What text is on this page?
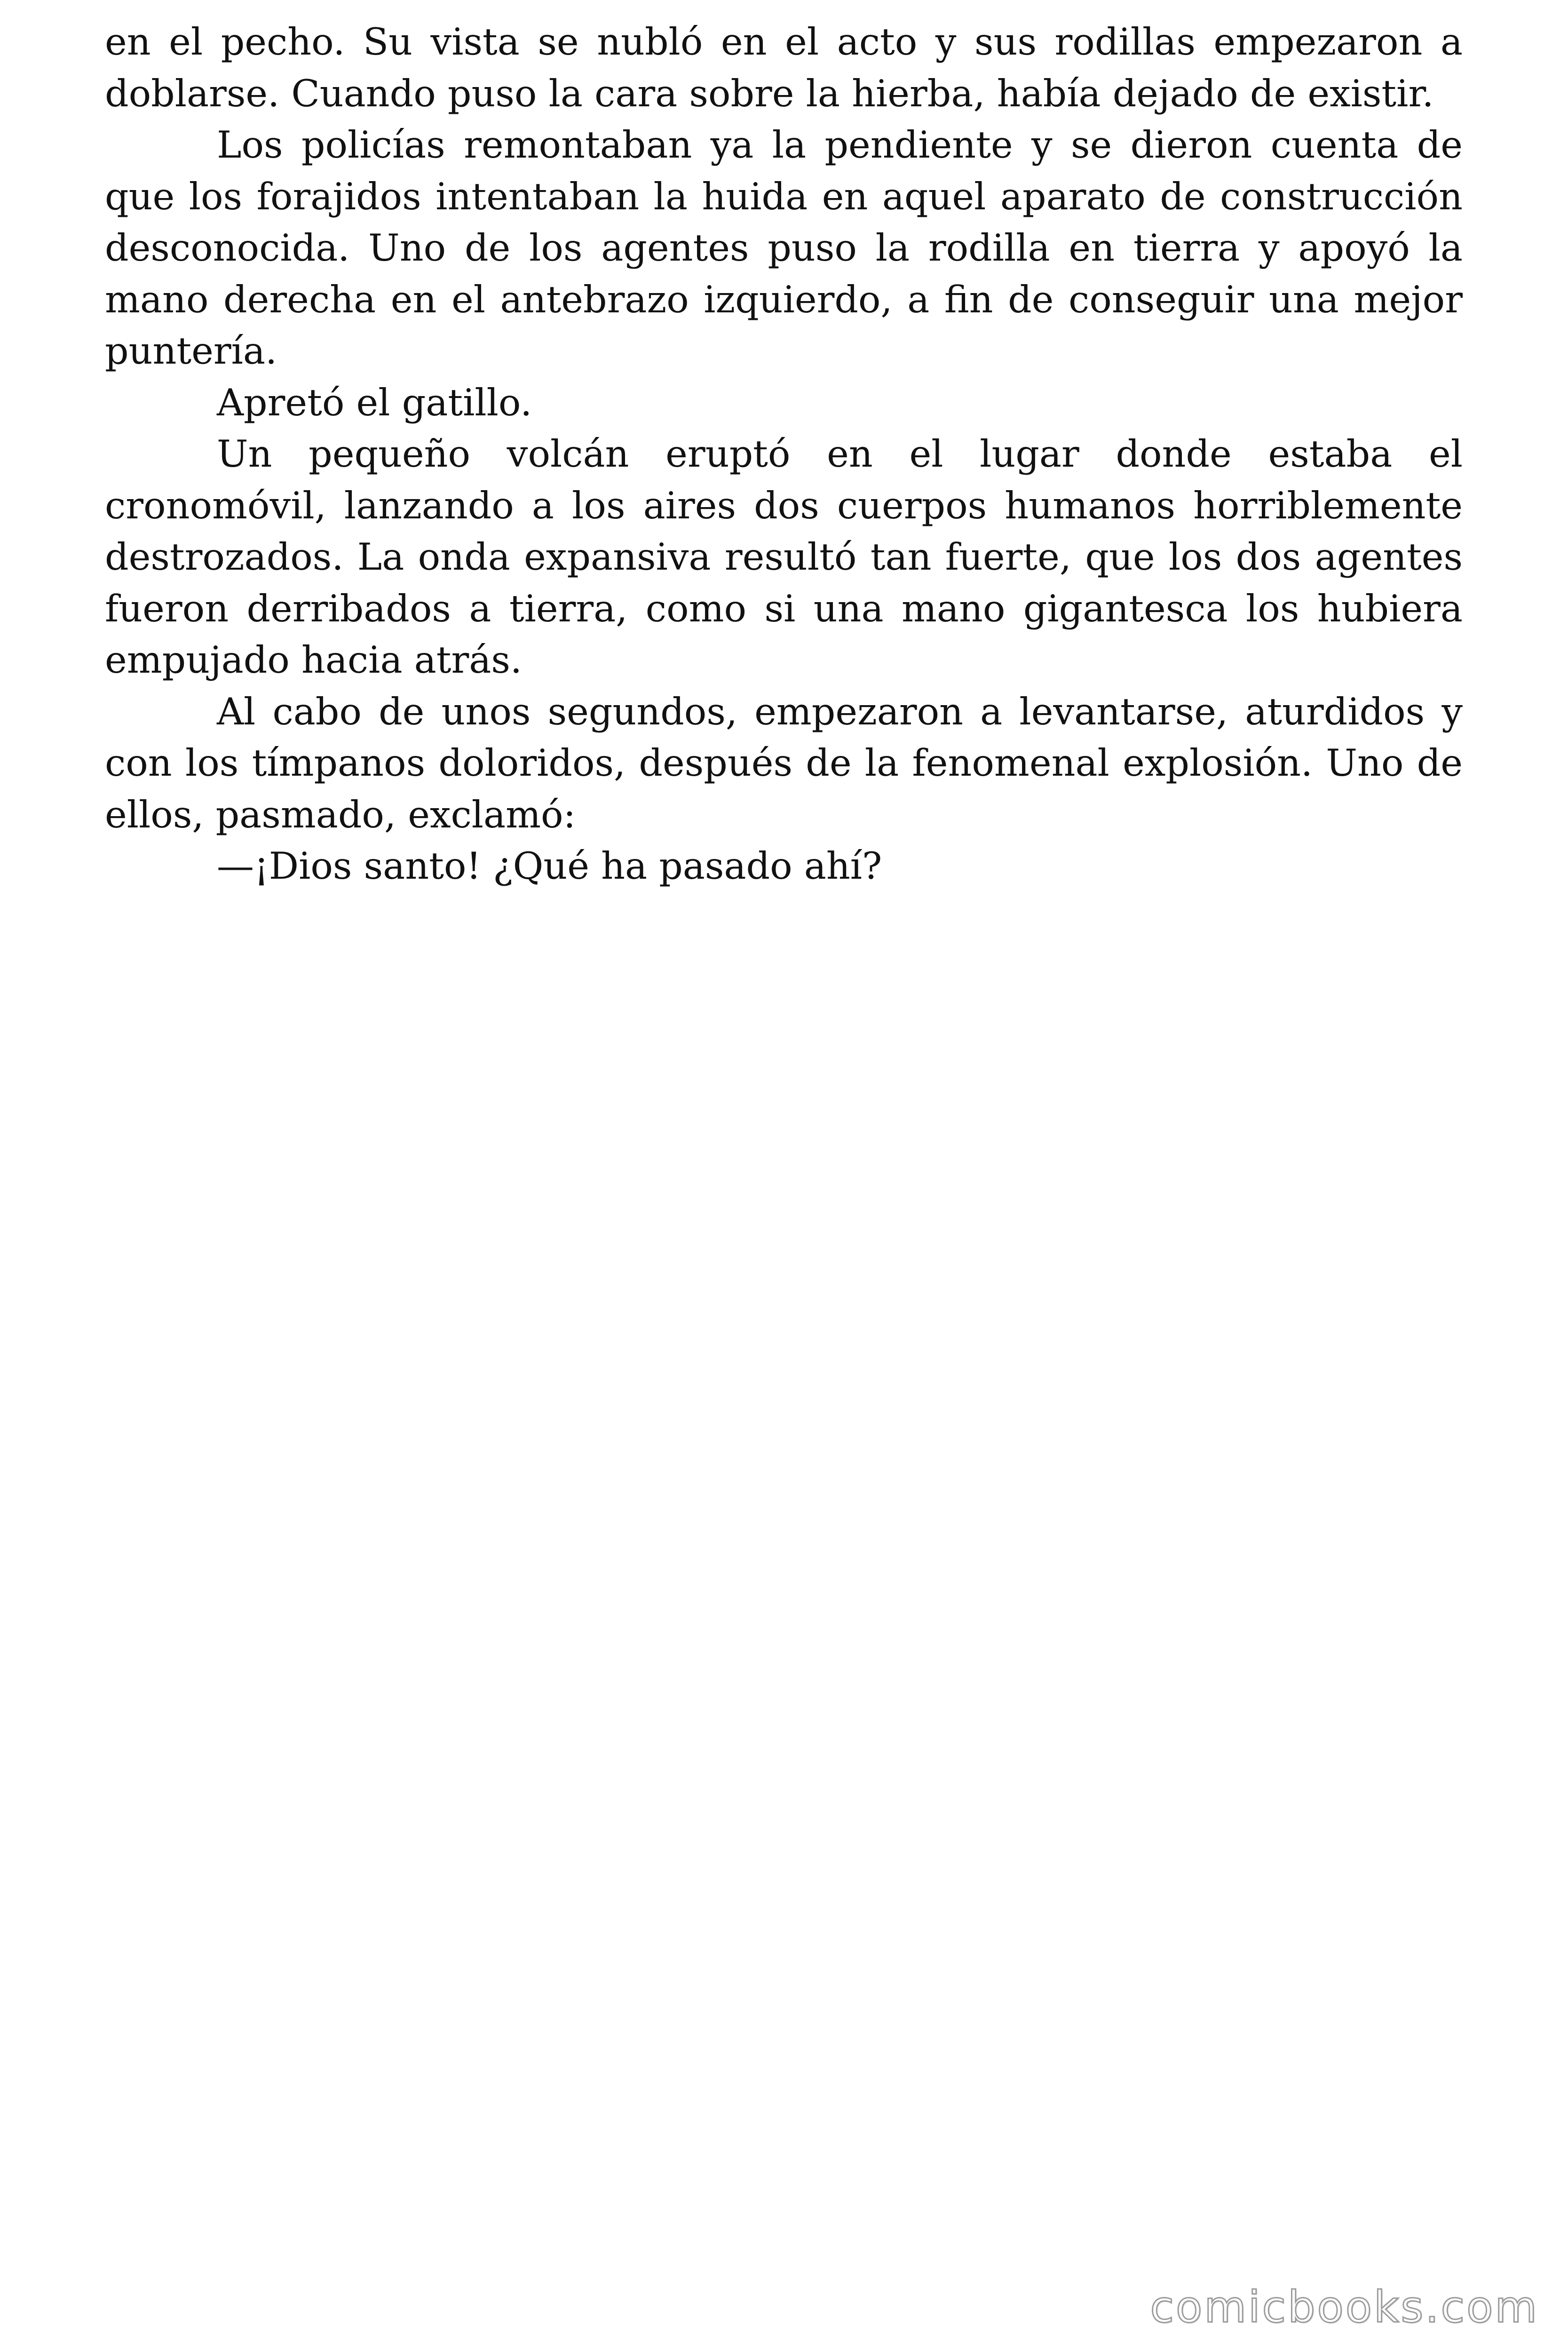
en el pecho. Su vista se nubló en el acto y sus rodillas empezaron a doblarse. Cuando puso la cara sobre la hierba, había dejado de existir.

Los policías remontaban ya la pendiente y se dieron cuenta de que los forajidos intentaban la huida en aquel aparato de construcción desconocida. Uno de los agentes puso la rodilla en tierra y apoyó la mano derecha en el antebrazo izquierdo, a fin de conseguir una mejor puntería.

Apretó el gatillo.

Un pequeño volcán eruptó en el lugar donde estaba el cronomóvil, lanzando a los aires dos cuerpos humanos horriblemente destrozados. La onda expansiva resultó tan fuerte, que los dos agentes fueron derribados a tierra, como si una mano gigantesca los hubiera empujado hacia atrás.

Al cabo de unos segundos, empezaron a levantarse, aturdidos y con los tímpanos doloridos, después de la fenomenal explosión. Uno de ellos, pasmado, exclamó:

—¡Dios santo! ¿Qué ha pasado ahí?

comicbooks.com
